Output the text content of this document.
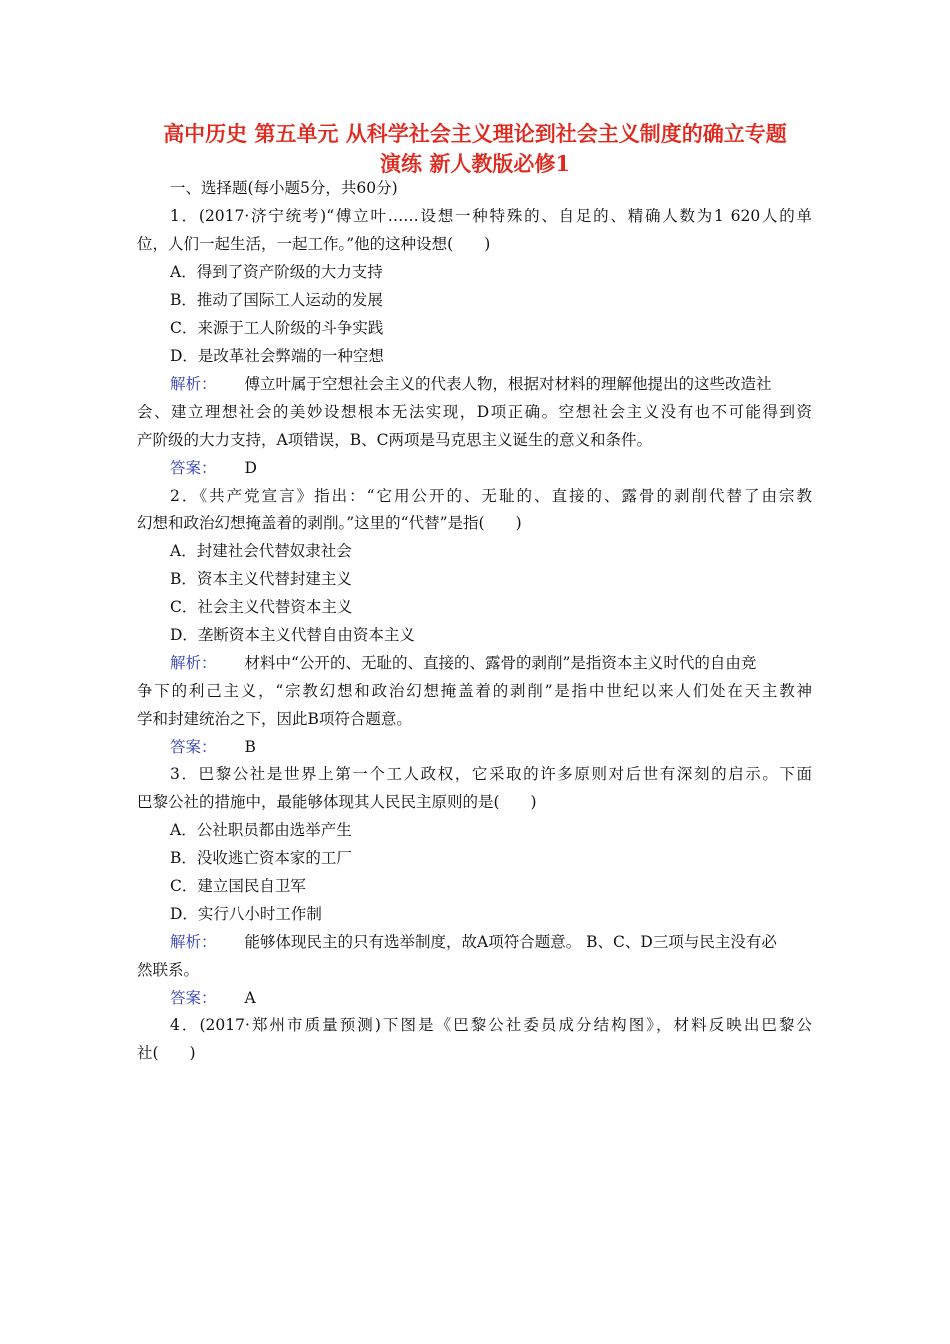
高中历史 第五单元 从科学社会主义理论到社会主义制度的确立专题
演练 新人教版必修1
一、选择题(每小题5分，共60分)
1．(2017·济宁统考)“傅立叶……设想一种特殊的、自足的、精确人数为1 620人的单
位，人们一起生活，一起工作。”他的这种设想(　　)
A．得到了资产阶级的大力支持
B．推动了国际工人运动的发展
C．来源于工人阶级的斗争实践
D．是改革社会弊端的一种空想
解析： 傅立叶属于空想社会主义的代表人物，根据对材料的理解他提出的这些改造社
会、建立理想社会的美妙设想根本无法实现，D项正确。空想社会主义没有也不可能得到资
产阶级的大力支持，A项错误，B、C两项是马克思主义诞生的意义和条件。
答案： D
2．《共产党宣言》指出：“它用公开的、无耻的、直接的、露骨的剥削代替了由宗教
幻想和政治幻想掩盖着的剥削。”这里的“代替”是指(　　)
A．封建社会代替奴隶社会
B．资本主义代替封建主义
C．社会主义代替资本主义
D．垄断资本主义代替自由资本主义
解析： 材料中“公开的、无耻的、直接的、露骨的剥削”是指资本主义时代的自由竞
争下的利己主义，“宗教幻想和政治幻想掩盖着的剥削”是指中世纪以来人们处在天主教神
学和封建统治之下，因此B项符合题意。
答案： B
3．巴黎公社是世界上第一个工人政权，它采取的许多原则对后世有深刻的启示。下面
巴黎公社的措施中，最能够体现其人民民主原则的是(　　)
A．公社职员都由选举产生
B．没收逃亡资本家的工厂
C．建立国民自卫军
D．实行八小时工作制
解析： 能够体现民主的只有选举制度，故A项符合题意。 B、C、D三项与民主没有必
然联系。
答案： A
4．(2017·郑州市质量预测)下图是《巴黎公社委员成分结构图》，材料反映出巴黎公
社(　　)
